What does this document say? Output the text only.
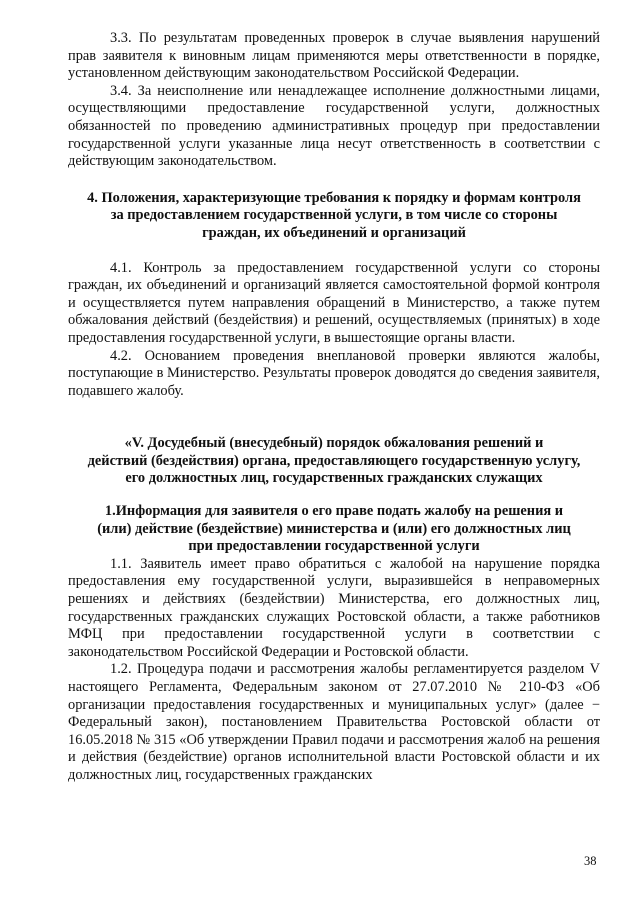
3.3. По результатам проведенных проверок в случае выявления нарушений прав заявителя к виновным лицам применяются меры ответственности в порядке, установленном действующим законодательством Российской Федерации.

3.4. За неисполнение или ненадлежащее исполнение должностными лицами, осуществляющими предоставление государственной услуги, должностных обязанностей по проведению административных процедур при предоставлении государственной услуги указанные лица несут ответственность в соответствии с действующим законодательством.

4. Положения, характеризующие требования к порядку и формам контроля
за предоставлением государственной услуги, в том числе со стороны
граждан, их объединений и организаций

4.1. Контроль за предоставлением государственной услуги со стороны граждан, их объединений и организаций является самостоятельной формой контроля и осуществляется путем направления обращений в Министерство, а также путем обжалования действий (бездействия) и решений, осуществляемых (принятых) в ходе предоставления государственной услуги, в вышестоящие органы власти.

4.2. Основанием проведения внеплановой проверки являются жалобы, поступающие в Министерство. Результаты проверок доводятся до сведения заявителя, подавшего жалобу.

«V. Досудебный (внесудебный) порядок обжалования решений и
действий (бездействия) органа, предоставляющего государственную услугу,
его должностных лиц, государственных гражданских служащих
1.Информация для заявителя о его праве подать жалобу на решения и
(или) действие (бездействие) министерства и (или) его должностных лиц
при предоставлении государственной услуги

1.1. Заявитель имеет право обратиться с жалобой на нарушение порядка предоставления ему государственной услуги, выразившейся в неправомерных решениях и действиях (бездействии) Министерства, его должностных лиц, государственных гражданских служащих Ростовской области, а также работников МФЦ при предоставлении государственной услуги в соответствии с законодательством Российской Федерации и Ростовской области.

1.2. Процедура подачи и рассмотрения жалобы регламентируется разделом V настоящего Регламента, Федеральным законом от 27.07.2010 № 210-ФЗ «Об организации предоставления государственных и муниципальных услуг» (далее − Федеральный закон), постановлением Правительства Ростовской области от 16.05.2018 № 315 «Об утверждении Правил подачи и рассмотрения жалоб на решения и действия (бездействие) органов исполнительной власти Ростовской области и их должностных лиц, государственных гражданских

38
